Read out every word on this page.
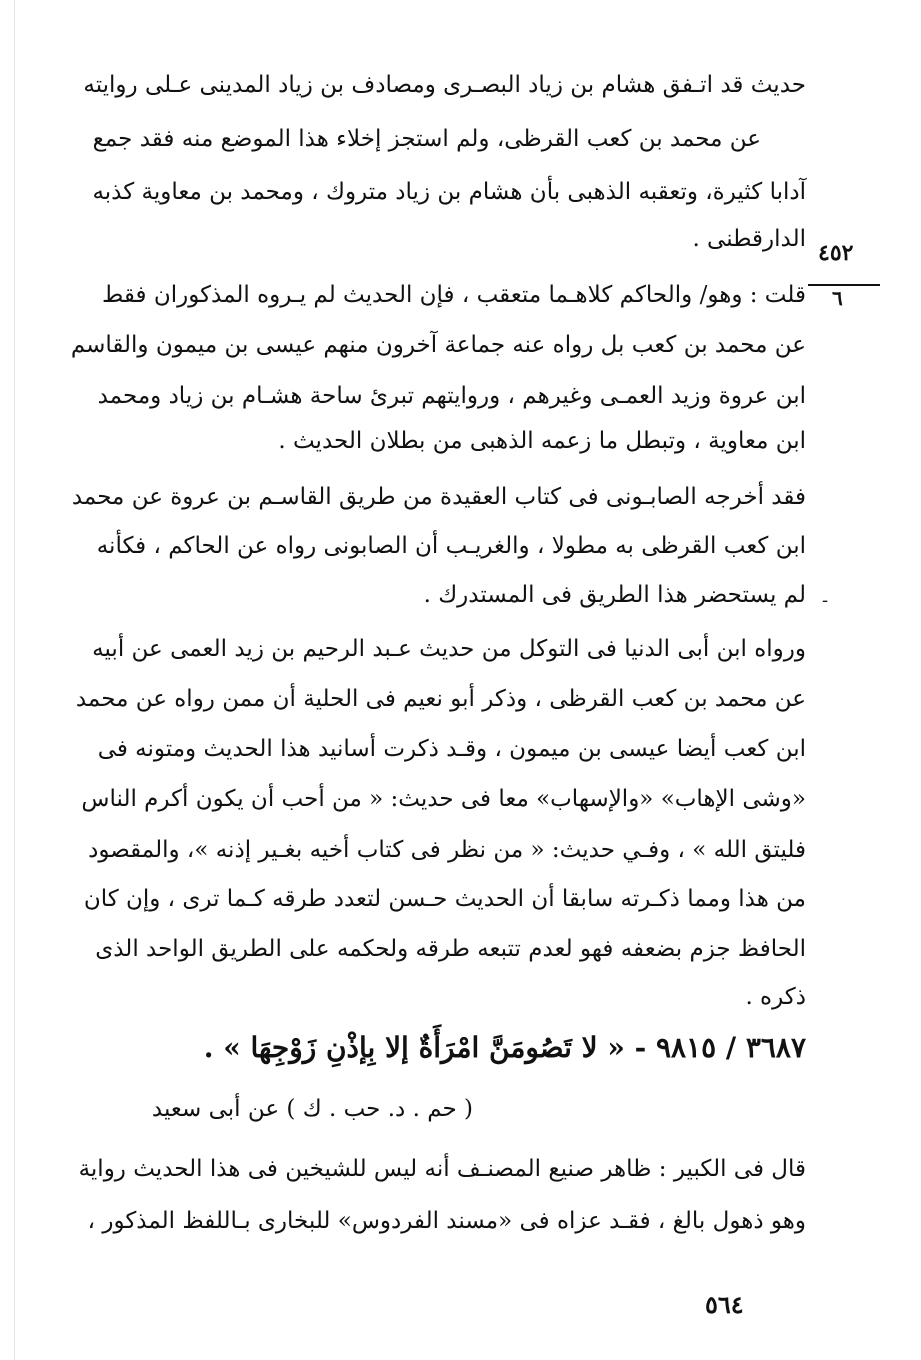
حديث قد اتـفق هشام بن زياد البصـرى ومصادف بن زياد المدينى عـلى روايته
عن محمد بن كعب القرظى، ولم استجز إخلاء هذا الموضع منه فقد جمع
آدابا كثيرة، وتعقبه الذهبى بأن هشام بن زياد متروك ، ومحمد بن معاوية كذبه
الدارقطنى .
قلت : وهو/ والحاكم كلاهـما متعقب ، فإن الحديث لم يـروه المذكوران فقط
عن محمد بن كعب بل رواه عنه جماعة آخرون منهم عيسى بن ميمون والقاسم
ابن عروة وزيد العمـى وغيرهم ، وروايتهم تبرئ ساحة هشـام بن زياد ومحمد
ابن معاوية ، وتبطل ما زعمه الذهبى من بطلان الحديث .
فقد أخرجه الصابـونى فى كتاب العقيدة من طريق القاسـم بن عروة عن محمد
ابن كعب القرظى به مطولا ، والغريـب أن الصابونى رواه عن الحاكم ، فكأنه
لم يستحضر هذا الطريق فى المستدرك .
ورواه ابن أبى الدنيا فى التوكل من حديث عـبد الرحيم بن زيد العمى عن أبيه
عن محمد بن كعب القرظى ، وذكر أبو نعيم فى الحلية أن ممن رواه عن محمد
ابن كعب أيضا عيسى بن ميمون ، وقـد ذكرت أسانيد هذا الحديث ومتونه فى
«وشى الإهاب» «والإسهاب» معا فى حديث: « من أحب أن يكون أكرم الناس
فليتق الله » ، وفـي حديث: « من نظر فى كتاب أخيه بغـير إذنه »، والمقصود
من هذا ومما ذكـرته سابقا أن الحديث حـسن لتعدد طرقه كـما ترى ، وإن كان
الحافظ جزم بضعفه فهو لعدم تتبعه طرقه ولحكمه على الطريق الواحد الذى
ذكره .
٣٦٨٧ / ٩٨١٥ - « لا تَصُومَنَّ امْرَأَةٌ إلا بِإذْنِ زَوْجِهَا » .
( حم . د. حب . ك ) عن أبى سعيد
قال فى الكبير : ظاهر صنيع المصنـف أنه ليس للشيخين فى هذا الحديث رواية
وهو ذهول بالغ ، فقـد عزاه فى «مسند الفردوس» للبخارى بـاللفظ المذكور ،
٤٥٢
٦
-
٥٦٤
